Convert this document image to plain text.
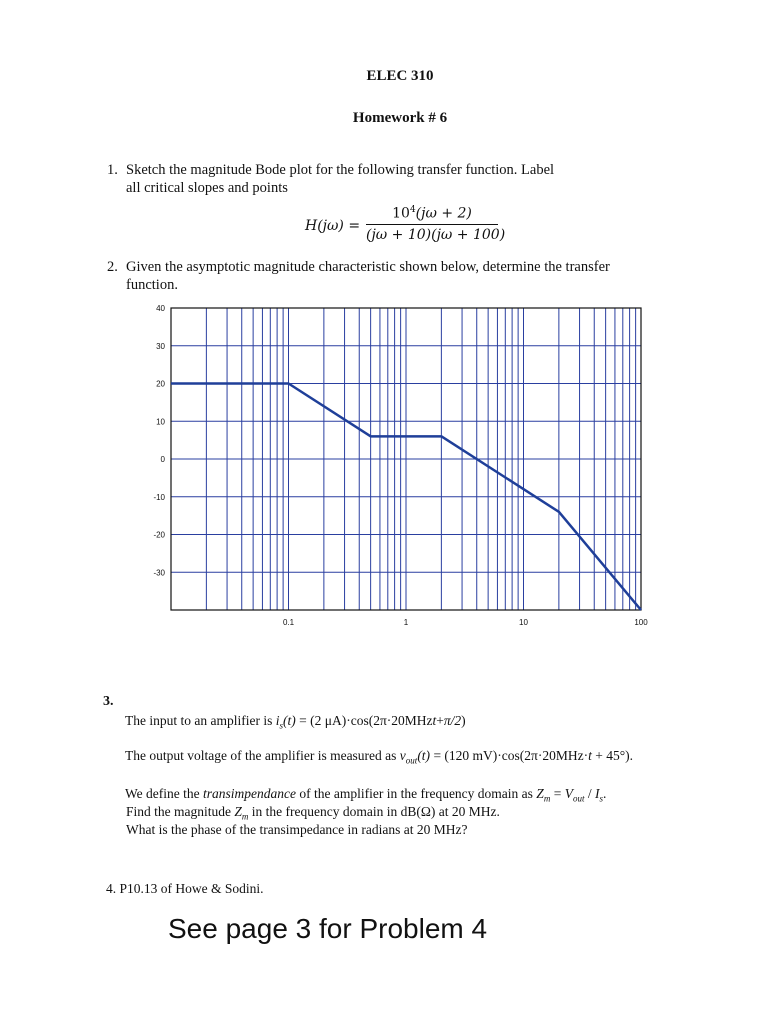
ELEC 310
Homework # 6
1. Sketch the magnitude Bode plot for the following transfer function. Label
all critical slopes and points
H(jω) =
$10^4(j\omega + 2)$
(jω + 10)(jω + 100)
2. Given the asymptotic magnitude characteristic shown below, determine the transfer
function.
40
30
20
10
0
-10
-20
-30
0.1	1	10	100
3.
The input to an amplifier is $i_s(t) = (2$ μA)·cos(2π·20MHzt+π/2)
The output voltage of the amplifier is measured as $v_{out}(t) = (120$ mV)·cos(2π·20MHz·t + 45°).
We define the transimpendance of the amplifier in the frequency domain as $Z_m = V_{out} / I_s$.
Find the magnitude $Z_m$ in the frequency domain in dB(Ω) at 20 MHz.
What is the phase of the transimpedance in radians at 20 MHz?
4. P10.13 of Howe & Sodini.
See page 3 for Problem 4
